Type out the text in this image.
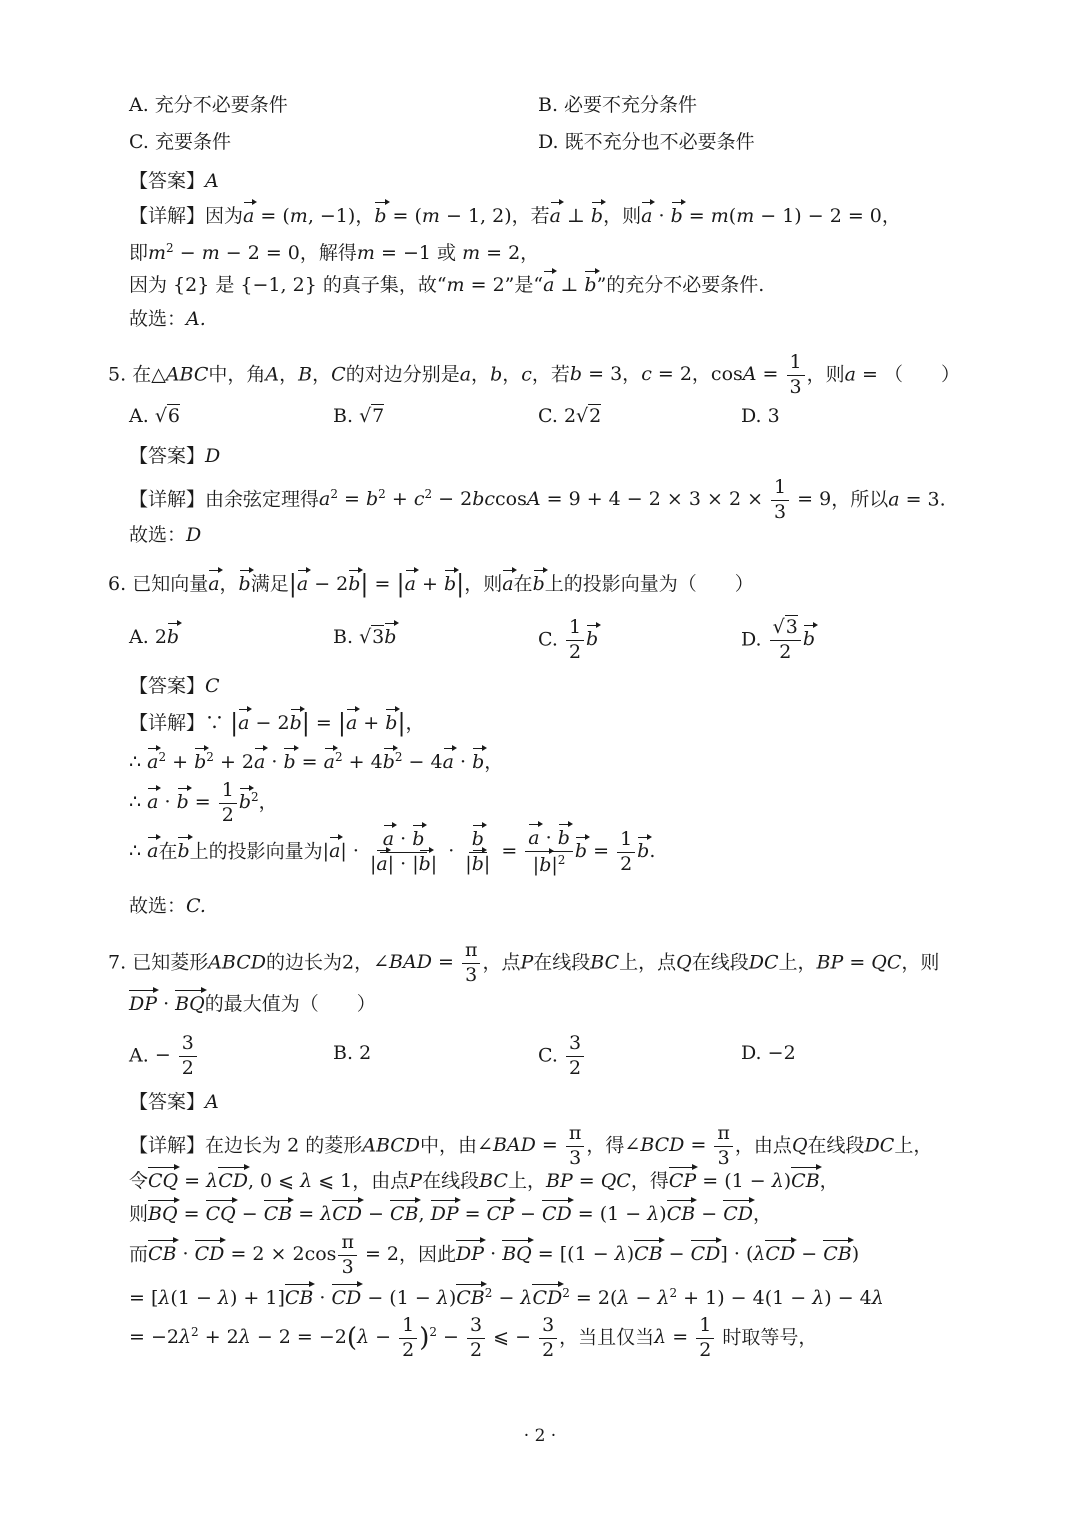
A. 充分不必要条件	B. 必要不充分条件
C. 充要条件	D. 既不充分也不必要条件
【答案】A
【详解】因为a = (m, −1)，b = (m − 1, 2)，若a ⊥ b，则a · b = m(m − 1) − 2 = 0，
即$m^2 - m - 2 = 0$，解得m = −1 或 m = 2，
因为 {2} 是 {−1, 2} 的真子集，故“m = 2”是“a ⊥ b”的充分不必要条件.
故选：A.
5. 在△ABC中，角A，B，C的对边分别是a，b，c，若b = 3，c = 2，$\cos A = \frac{1}{3}$ ，则a = （　　）
A. √6	B. √7	C. 2√2	D. 3
【答案】D
【详解】由余弦定理得$a^2 = b^2 + c^2 - 2bccosA = 9 + 4 - 2 \times 3 \times 2 \times \frac{1}{3} = 9$，所以a = 3.
故选：D
6. 已知向量a，b满足|a − 2b| = |a + b|，则a在b上的投影向量为（　　）
A. 2b	B. √3b	C. $\frac{1}{2}$ b	D. $\frac{√3}{2}$ b
【答案】C
【详解】∵ |a − 2b| = |a + b|，
∴ $a^2 + b^2 + 2a \cdot b = a^2 + 4b^2 - 4a \cdot b$，
∴ $a \cdot b = \frac{1}{2} b^2$，
∴ a在b上的投影向量为$|a| \cdot \frac{a \cdot b}{|a| \cdot |b|} \cdot \frac{b}{|b|} = \frac{a \cdot b}{|b|^2}$ $b = \frac{1}{2} b$.
故选：C.
7. 已知菱形ABCD的边长为2，∠BAD = $\frac{\pi}{3}$ ，点P在线段BC上，点Q在线段DC上，BP = QC，则
DP · BQ的最大值为（　　）
A. − $\frac{3}{2}$	B. 2	C. $\frac{3}{2}$	D. −2
【答案】A
【详解】在边长为 2 的菱形ABCD中，由∠BAD = $\frac{\pi}{3}$ ，得∠BCD = $\frac{\pi}{3}$ ，由点Q在线段DC上，
令CQ = λCD, 0 ⩽ λ ⩽ 1，由点P在线段BC上，BP = QC，得CP = (1 − λ)CB，
则BQ = CQ − CB = λCD − CB, DP = CP − CD = (1 − λ)CB − CD，
而CB · CD = $2 \times 2\cos \frac{\pi}{3} = 2$，因此DP · BQ = [(1 − λ)CB − CD] · (λCD − CB)
= [λ(1 − λ) + 1]CB · CD − $(1 - \lambda)CB^2 - \lambda CD^2 = 2(\lambda - \lambda^2 + 1) - 4(1 - \lambda) - 4\lambda$
= $-2\lambda^2 + 2\lambda - 2 = -2(\lambda - \frac{1}{2} )^2 - \frac{3}{2}$ ⩽ − $\frac{3}{2}$ ，当且仅当$\lambda = \frac{1}{2}$ 时取等号，
· 2 ·
